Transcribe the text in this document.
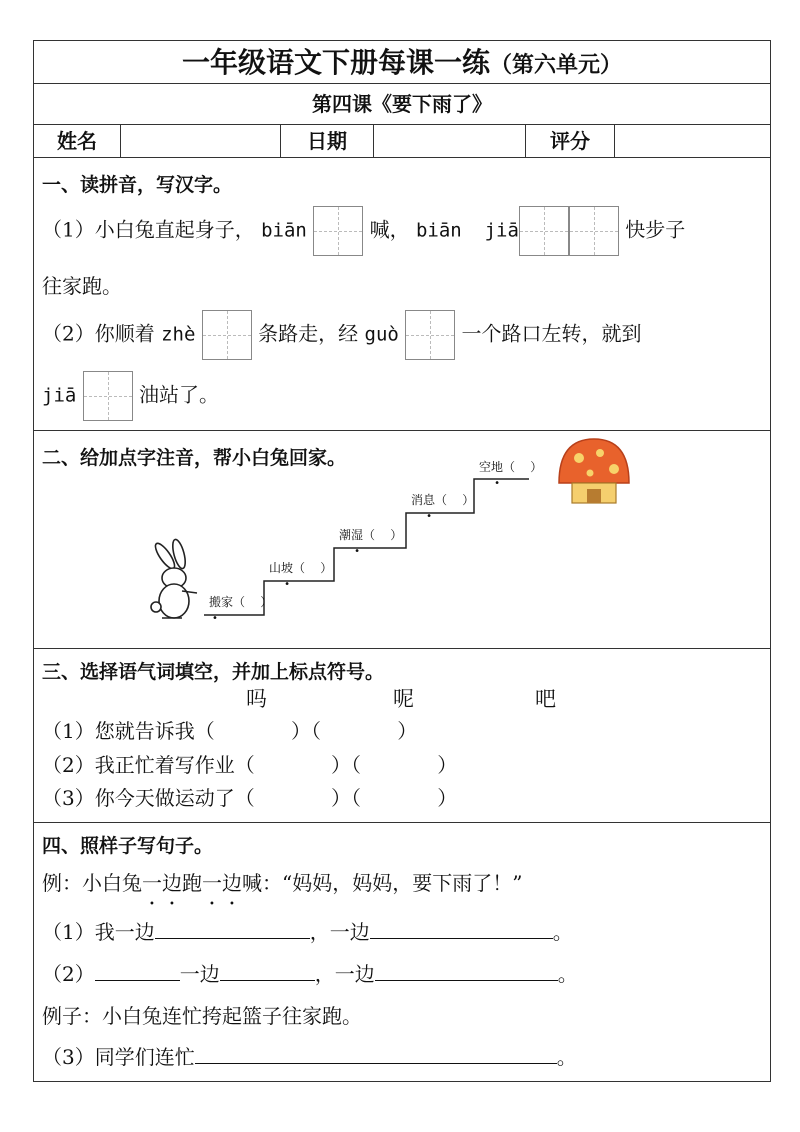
一年级语文下册每课一练（第六单元）
第四课《要下雨了》
姓名	日期	评分
一、读拼音，写汉字。
（1）小白兔直起身子， biān	喊， biān  jiā	快步子
往家跑。
（2）你顺着 zhè	条路走，经 guò	一个路口左转，就到
jiā	油站了。
二、给加点字注音，帮小白兔回家。
搬家（    ）
山坡（    ）
潮湿（    ）
消息（    ）
空地（    ）
三、选择语气词填空，并加上标点符号。
吗	呢	吧
（1）您就告诉我（            ）（            ）
（2）我正忙着写作业（            ）（            ）
（3）你今天做运动了（            ）（            ）
四、照样子写句子。
例：小白兔一边跑一边喊：“妈妈，妈妈，要下雨了！”
（1）我一边	，一边	。
（2）	一边	，一边	。
例子：小白兔连忙挎起篮子往家跑。
（3）同学们连忙	。
